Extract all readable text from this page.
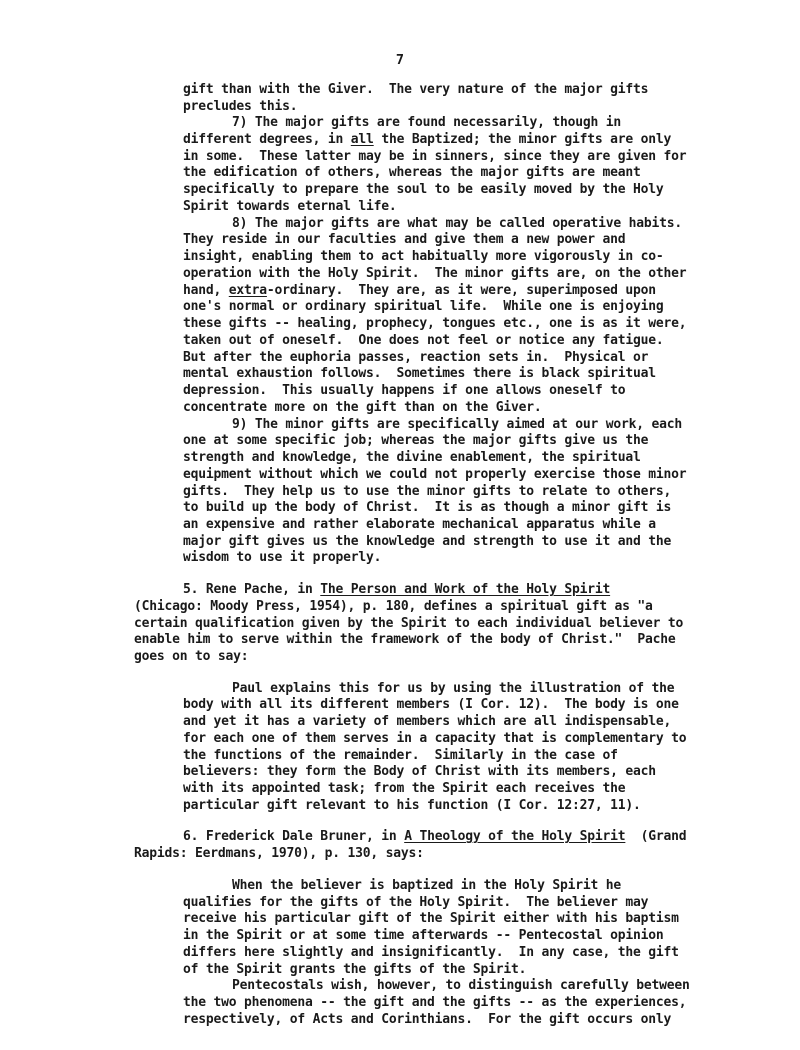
7
gift than with the Giver.  The very nature of the major gifts
precludes this.
7) The major gifts are found necessarily, though in
different degrees, in all the Baptized; the minor gifts are only
in some.  These latter may be in sinners, since they are given for
the edification of others, whereas the major gifts are meant
specifically to prepare the soul to be easily moved by the Holy
Spirit towards eternal life.
8) The major gifts are what may be called operative habits.
They reside in our faculties and give them a new power and
insight, enabling them to act habitually more vigorously in co-
operation with the Holy Spirit.  The minor gifts are, on the other
hand, extra-ordinary.  They are, as it were, superimposed upon
one's normal or ordinary spiritual life.  While one is enjoying
these gifts -- healing, prophecy, tongues etc., one is as it were,
taken out of oneself.  One does not feel or notice any fatigue.
But after the euphoria passes, reaction sets in.  Physical or
mental exhaustion follows.  Sometimes there is black spiritual
depression.  This usually happens if one allows oneself to
concentrate more on the gift than on the Giver.
9) The minor gifts are specifically aimed at our work, each
one at some specific job; whereas the major gifts give us the
strength and knowledge, the divine enablement, the spiritual
equipment without which we could not properly exercise those minor
gifts.  They help us to use the minor gifts to relate to others,
to build up the body of Christ.  It is as though a minor gift is
an expensive and rather elaborate mechanical apparatus while a
major gift gives us the knowledge and strength to use it and the
wisdom to use it properly.
5. Rene Pache, in The Person and Work of the Holy Spirit
(Chicago: Moody Press, 1954), p. 180, defines a spiritual gift as "a
certain qualification given by the Spirit to each individual believer to
enable him to serve within the framework of the body of Christ."  Pache
goes on to say:
Paul explains this for us by using the illustration of the
body with all its different members (I Cor. 12).  The body is one
and yet it has a variety of members which are all indispensable,
for each one of them serves in a capacity that is complementary to
the functions of the remainder.  Similarly in the case of
believers: they form the Body of Christ with its members, each
with its appointed task; from the Spirit each receives the
particular gift relevant to his function (I Cor. 12:27, 11).
6. Frederick Dale Bruner, in A Theology of the Holy Spirit  (Grand
Rapids: Eerdmans, 1970), p. 130, says:
When the believer is baptized in the Holy Spirit he
qualifies for the gifts of the Holy Spirit.  The believer may
receive his particular gift of the Spirit either with his baptism
in the Spirit or at some time afterwards -- Pentecostal opinion
differs here slightly and insignificantly.  In any case, the gift
of the Spirit grants the gifts of the Spirit.
Pentecostals wish, however, to distinguish carefully between
the two phenomena -- the gift and the gifts -- as the experiences,
respectively, of Acts and Corinthians.  For the gift occurs only
